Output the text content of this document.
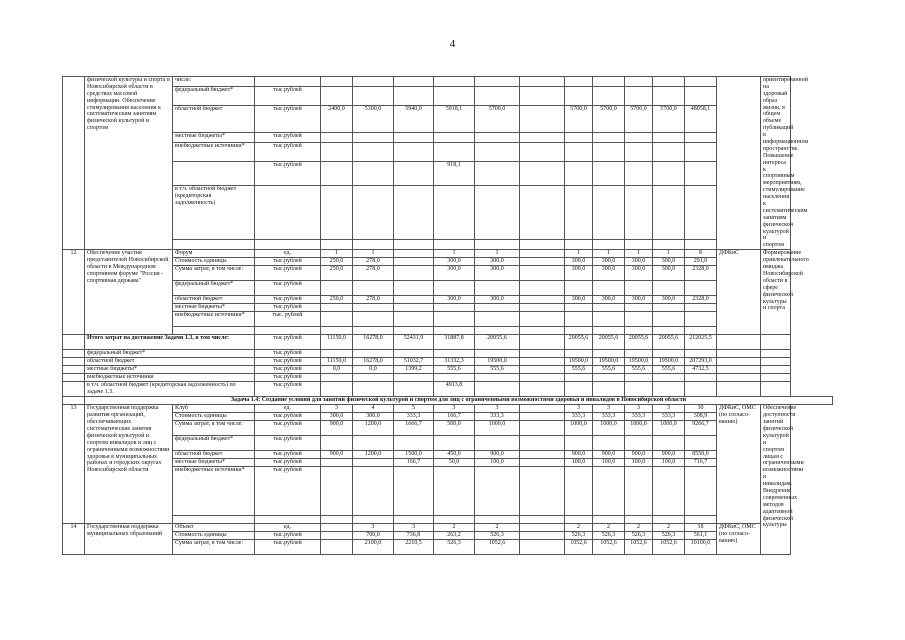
4
	физической культуры и спорта в Новосибирской области в средствах массовой информации. Обеспечение стимулирования населения к систематическим занятиям физической культурой и спортом	числе:														ориентированной на здоровый образ жизни, в общем объеме публикаций в информационном пространстве. Повышение интереса к спортивным мероприятиям, стимулирование населения к систематическим занятиям физической культурой и спортом
		федеральный бюджет*	тыс.рублей													
		областной бюджет	тыс.рублей	2400,0	5300,0	5940,0	5918,1	5700,0		5700,0	5700,0	5700,0	5700,0	48058,1		
		местные бюджеты*	тыс.рублей													
		внебюджетные источники*	тыс.рублей													
			тыс.рублей				918,1									
		в т.ч. областной бюджет (кредиторская задолженность)														

12	Обеспечение участия представителей Новосибирской области в Международном спортивном форуме "Россия - спортивная держава"	Форум	ед.	1	1		1	1		1	1	1	1	8	ДФКиС	Формирование привлекательного имиджа Новосибирской области в сфере физической культуры и спорта
		Стоимость единицы	тыс.рублей	250,0	278,0		300,0	300,0		300,0	300,0	300,0	300,0	291,0		
		Сумма затрат, в том числе:	тыс.рублей	250,0	278,0		300,0	300,0		300,0	300,0	300,0	300,0	2328,0		
		федеральный бюджет*	тыс.рублей													
		областной бюджет	тыс.рублей	250,0	278,0		300,0	300,0		300,0	300,0	300,0	300,0	2328,0		
		местные бюджеты*	тыс.рублей													
		внебюджетные источники*	тыс. рублей													

	Итого затрат на достижение Задачи 1.3, в том числе:		тыс.рублей	11150,0	16278,0	52431,9	31887,8	20055,6		20055,6	20055,6	20055,6	20055,6	212025,5		
	федеральный бюджет*		тыс.рублей													
	областной бюджет		тыс.рублей	11150,0	16278,0	51032,7	31332,3	19500,0		19500,0	19500,0	19500,0	19500,0	207293,0		
	местные бюджеты*		тыс.рублей	0,0	0,0	1399,2	555,6	555,6		555,6	555,6	555,6	555,6	4732,5		
	внебюджетные источники		тыс.рублей													
	в т.ч. областной бюджет (кредиторская задолженность) по задаче 1.3.		тыс.рублей				4913,8									
	Задача 1.4: Создание условий для занятий физической культурой и спортом для лиц с ограниченными возможностями здоровья и инвалидов в Новосибирской области															
13	Государственная поддержка развития организаций, обеспечивающих систематические занятия физической культурой и спортом инвалидов и лиц с ограниченными возможностями здоровья в муниципальных районах и городских округах Новосибирской области	Клуб	ед.	3	4	5	3	3		3	3	3	3	30	ДФКиС, ОМС (по согласо-ванию)	Обеспечение доступности занятий физической культурой и спортом лицам с ограниченными возможностями и инвалидам. Внедрение современных методов адаптивной физической культуры
		Стоимость единицы	тыс.рублей	300,0	300,0	333,3	166,7	333,3		333,3	333,3	333,3	333,3	308,9		
		Сумма затрат, в том числе:	тыс.рублей	900,0	1200,0	1666,7	500,0	1000,0		1000,0	1000,0	1000,0	1000,0	9266,7		
		федеральный бюджет*	тыс.рублей													
		областной бюджет	тыс.рублей	900,0	1200,0	1500,0	450,0	900,0		900,0	900,0	900,0	900,0	8550,0		
		местные бюджеты*	тыс.рублей			166,7	50,0	100,0		100,0	100,0	100,0	100,0	716,7		
		внебюджетные источники*	тыс.рублей													

14	Государственная поддержка муниципальных образований	Объект	ед.		3	3	2	2		2	2	2	2	18	ДФКиС, ОМС (по согласо-ванию)	
		Стоимость единицы	тыс.рублей		700,0	736,8	263,2	526,3		526,3	526,3	526,3	526,3	561,1		
		Сумма затрат, в том числе:	тыс.рублей		2100,0	2210,5	526,3	1052,6		1052,6	1052,6	1052,6	1052,6	10100,0		
